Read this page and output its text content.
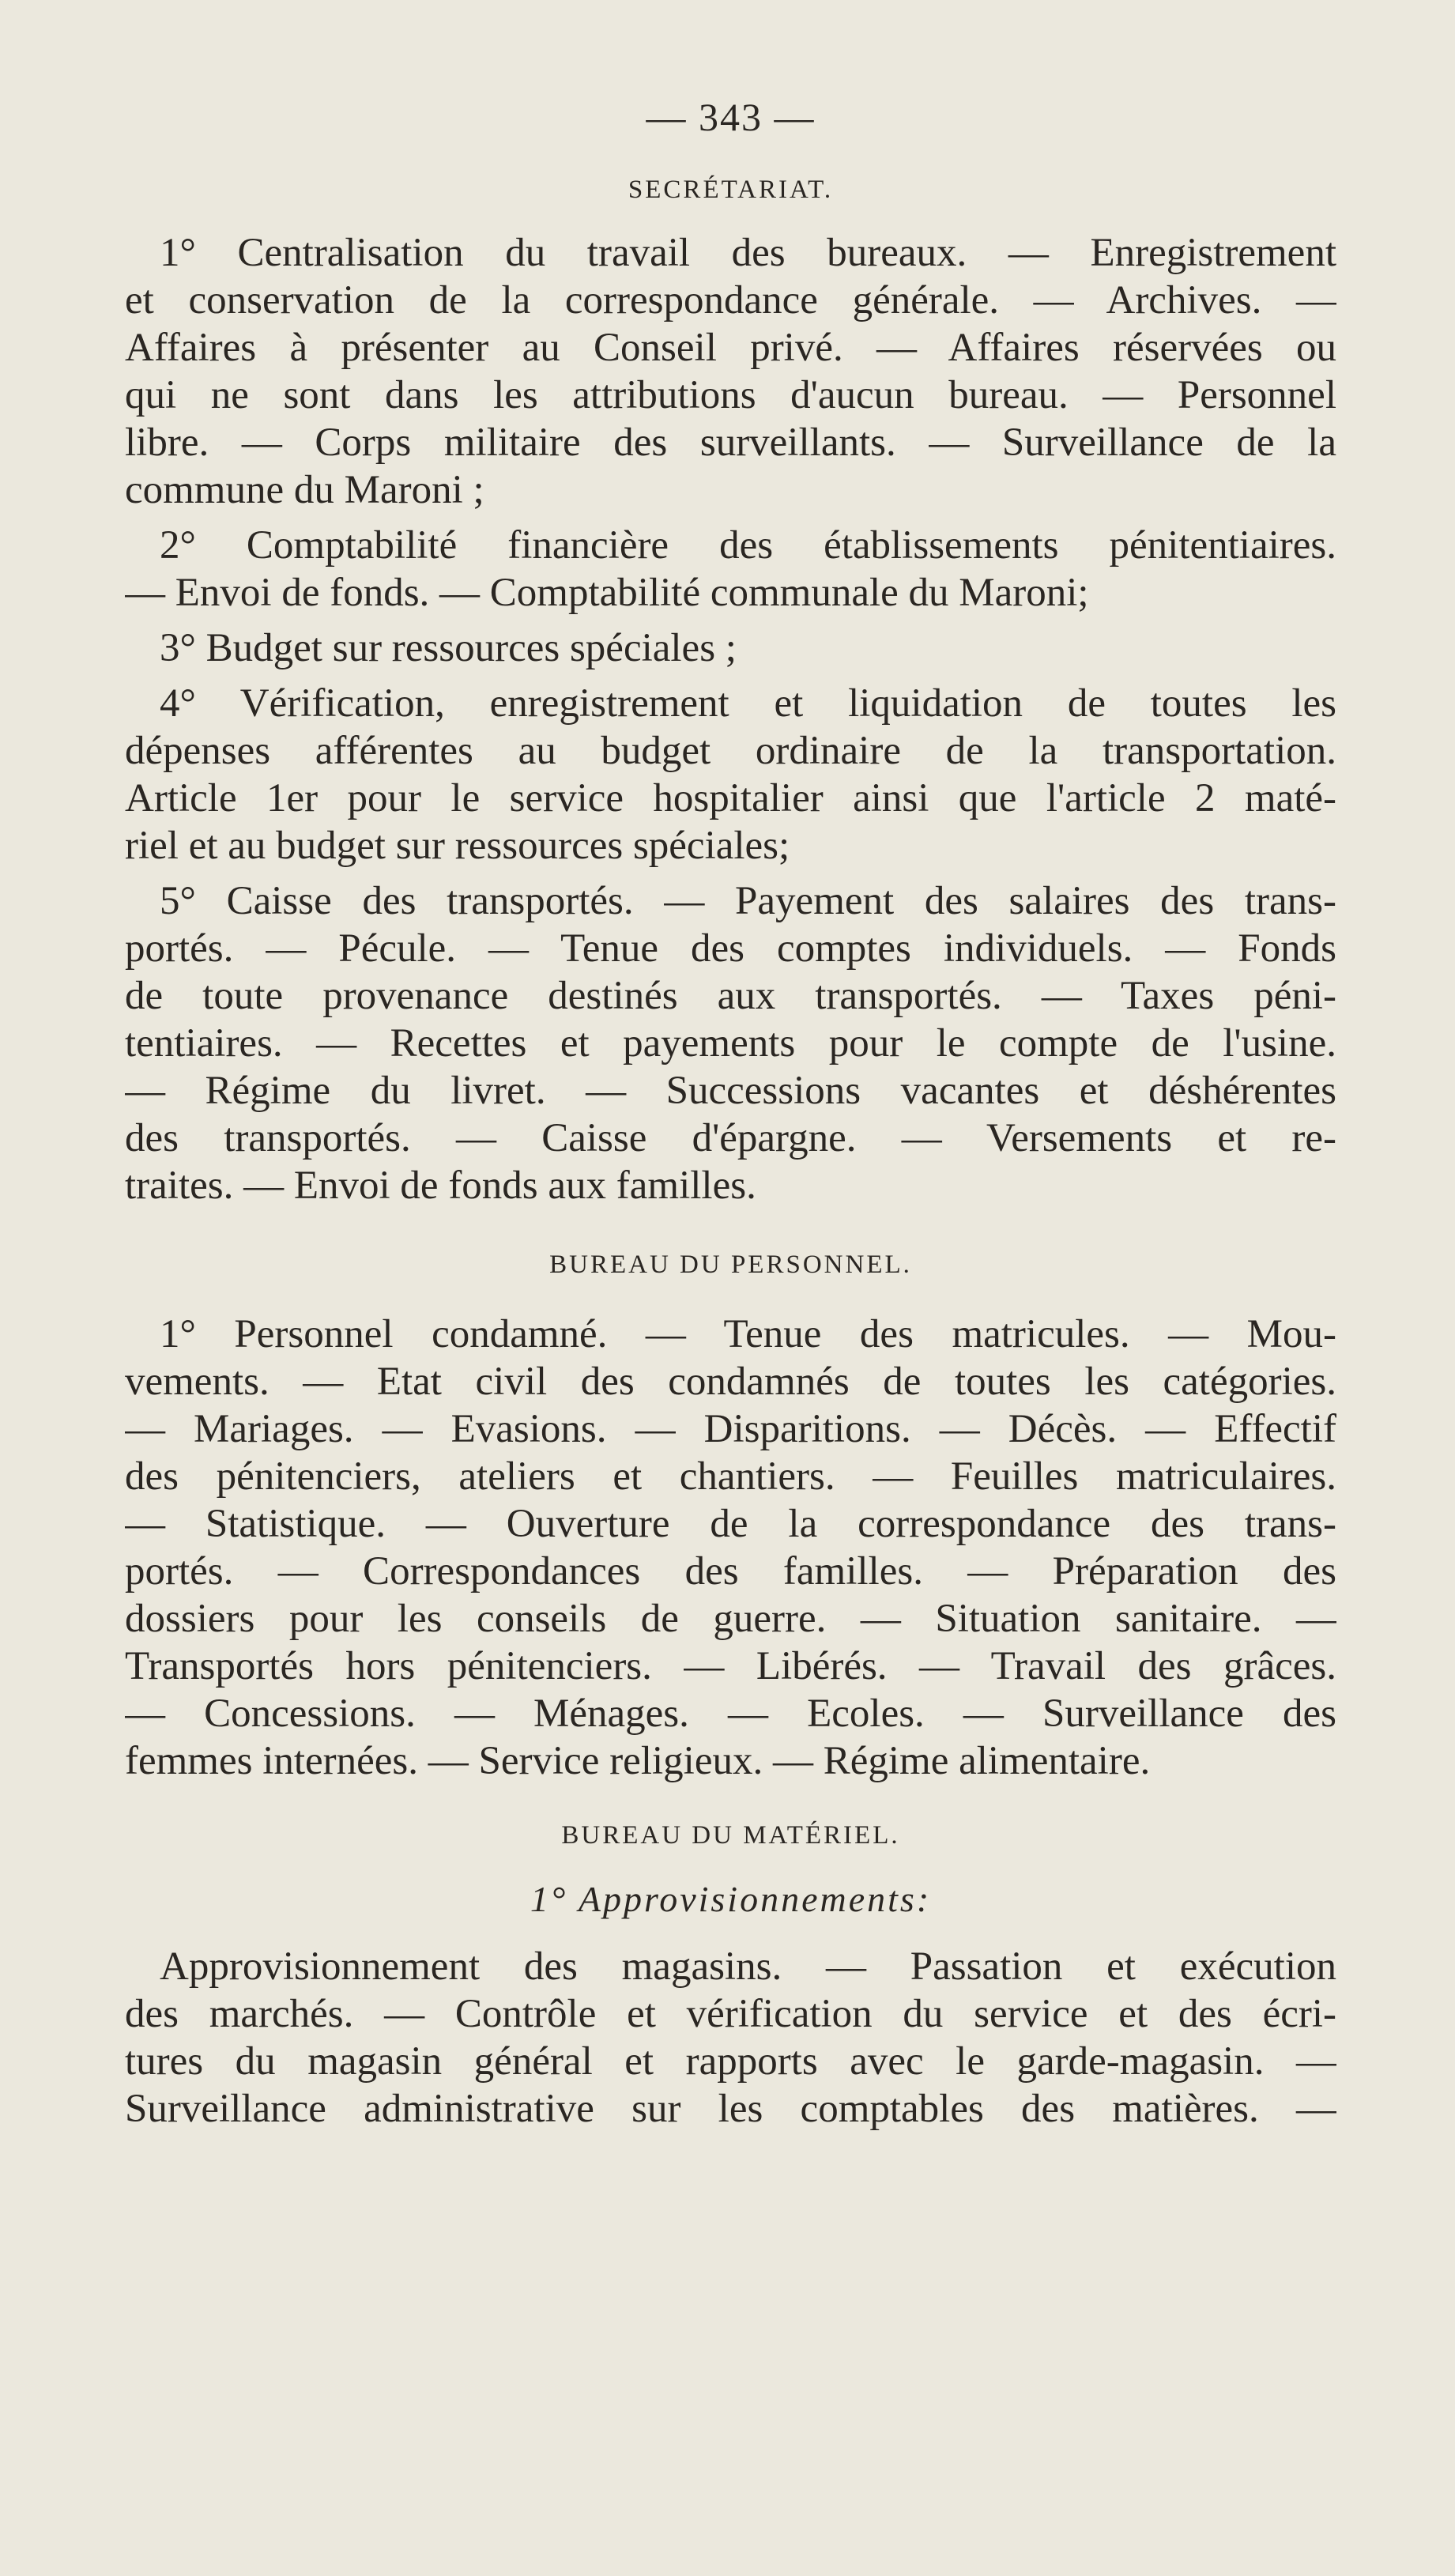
— 343 —
SECRÉTARIAT.
1° Centralisation du travail des bureaux. — Enregistrement
et conservation de la correspondance générale. — Archives. —
Affaires à présenter au Conseil privé. — Affaires réservées ou
qui ne sont dans les attributions d'aucun bureau. — Personnel
libre. — Corps militaire des surveillants. — Surveillance de la
commune du Maroni ;
2° Comptabilité financière des établissements pénitentiaires.
— Envoi de fonds. — Comptabilité communale du Maroni;
3° Budget sur ressources spéciales ;
4° Vérification, enregistrement et liquidation de toutes les
dépenses afférentes au budget ordinaire de la transportation.
Article 1er pour le service hospitalier ainsi que l'article 2 maté-
riel et au budget sur ressources spéciales;
5° Caisse des transportés. — Payement des salaires des trans-
portés. — Pécule. — Tenue des comptes individuels. — Fonds
de toute provenance destinés aux transportés. — Taxes péni-
tentiaires. — Recettes et payements pour le compte de l'usine.
— Régime du livret. — Successions vacantes et déshérentes
des transportés. — Caisse d'épargne. — Versements et re-
traites. — Envoi de fonds aux familles.
BUREAU DU PERSONNEL.
1° Personnel condamné. — Tenue des matricules. — Mou-
vements. — Etat civil des condamnés de toutes les catégories.
— Mariages. — Evasions. — Disparitions. — Décès. — Effectif
des pénitenciers, ateliers et chantiers. — Feuilles matriculaires.
— Statistique. — Ouverture de la correspondance des trans-
portés. — Correspondances des familles. — Préparation des
dossiers pour les conseils de guerre. — Situation sanitaire. —
Transportés hors pénitenciers. — Libérés. — Travail des grâces.
— Concessions. — Ménages. — Ecoles. — Surveillance des
femmes internées. — Service religieux. — Régime alimentaire.
BUREAU DU MATÉRIEL.
1° Approvisionnements:
Approvisionnement des magasins. — Passation et exécution
des marchés. — Contrôle et vérification du service et des écri-
tures du magasin général et rapports avec le garde-magasin. —
Surveillance administrative sur les comptables des matières. —
